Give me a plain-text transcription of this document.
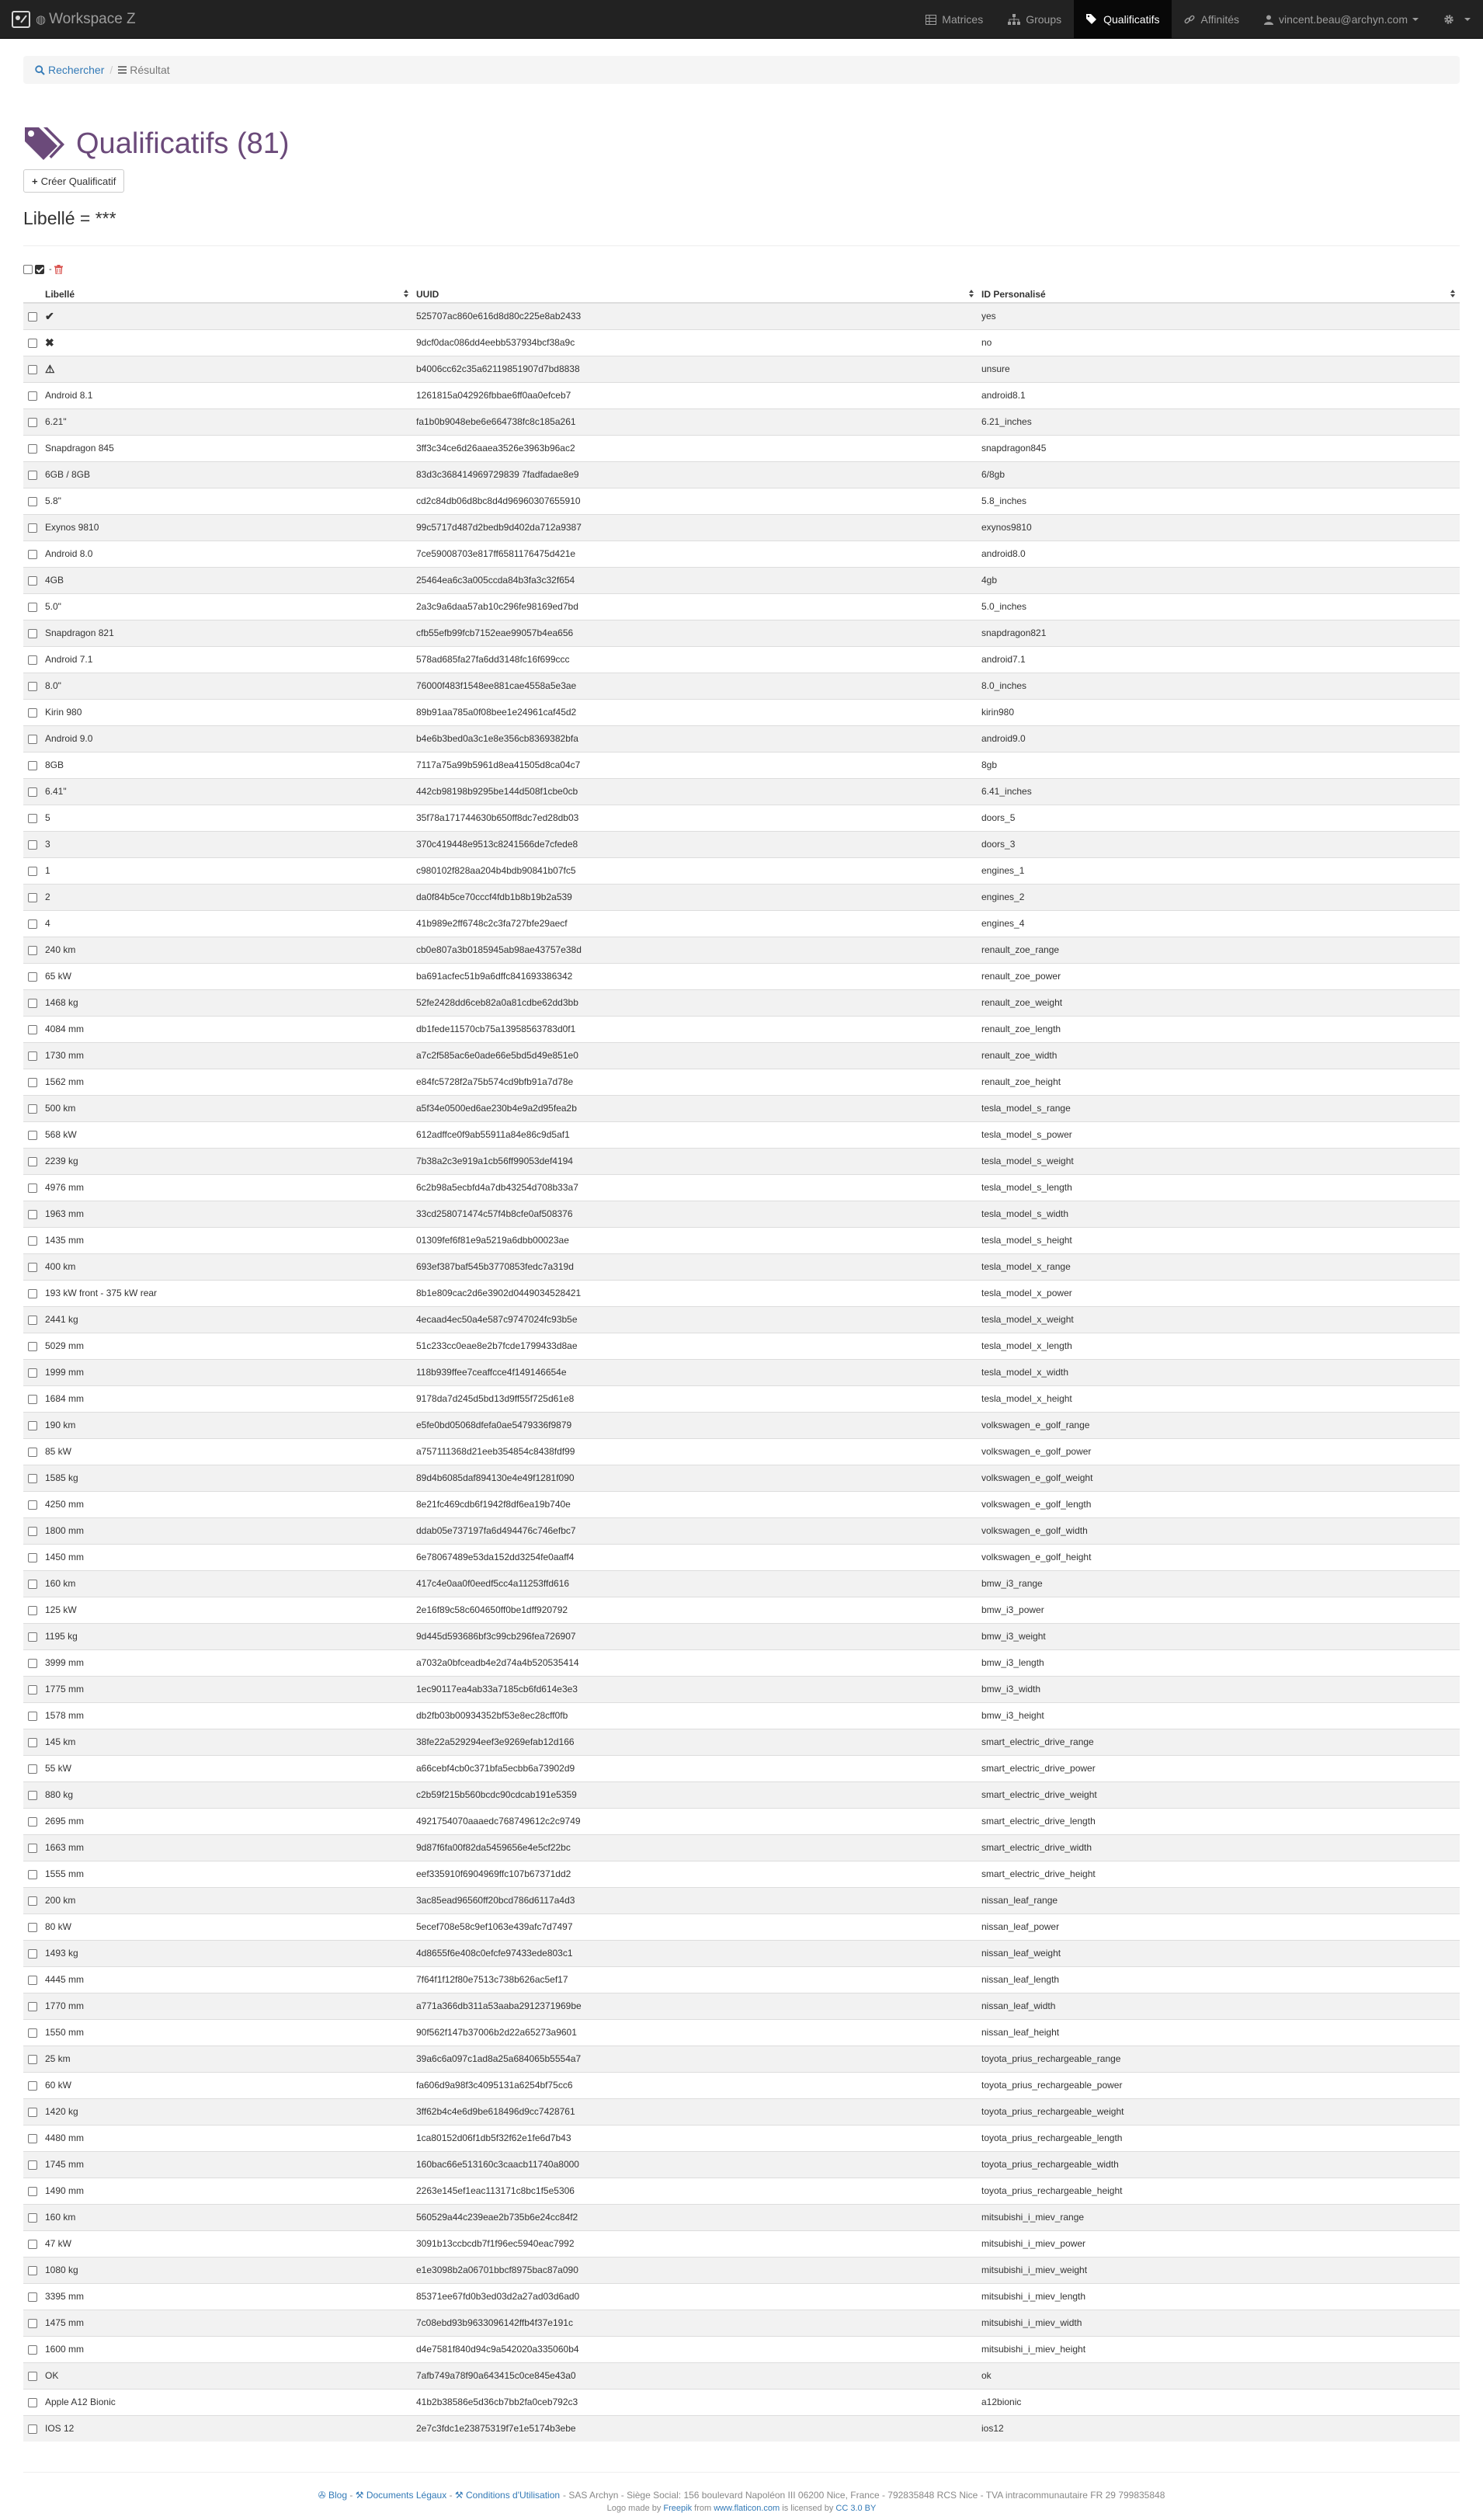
◍ Workspace Z	Matrices	Groups	Qualificatifs	Affinités	vincent.beau@archyn.com
Rechercher / Résultat
Qualificatifs (81)
+ Créer Qualificatif
Libellé = ***
-
	Libellé	UUID	ID Personalisé

	✔	525707ac860e616d8d80c225e8ab2433	yes
	✖	9dcf0dac086dd4eebb537934bcf38a9c	no
	⚠	b4006cc62c35a62119851907d7bd8838	unsure
	Android 8.1	1261815a042926fbbae6ff0aa0efceb7	android8.1
	6.21"	fa1b0b9048ebe6e664738fc8c185a261	6.21_inches
	Snapdragon 845	3ff3c34ce6d26aaea3526e3963b96ac2	snapdragon845
	6GB / 8GB	83d3c368414969729839 7fadfadae8e9	6/8gb
	5.8"	cd2c84db06d8bc8d4d96960307655910	5.8_inches
	Exynos 9810	99c5717d487d2bedb9d402da712a9387	exynos9810
	Android 8.0	7ce59008703e817ff6581176475d421e	android8.0
	4GB	25464ea6c3a005ccda84b3fa3c32f654	4gb
	5.0"	2a3c9a6daa57ab10c296fe98169ed7bd	5.0_inches
	Snapdragon 821	cfb55efb99fcb7152eae99057b4ea656	snapdragon821
	Android 7.1	578ad685fa27fa6dd3148fc16f699ccc	android7.1
	8.0"	76000f483f1548ee881cae4558a5e3ae	8.0_inches
	Kirin 980	89b91aa785a0f08bee1e24961caf45d2	kirin980
	Android 9.0	b4e6b3bed0a3c1e8e356cb8369382bfa	android9.0
	8GB	7117a75a99b5961d8ea41505d8ca04c7	8gb
	6.41"	442cb98198b9295be144d508f1cbe0cb	6.41_inches
	5	35f78a171744630b650ff8dc7ed28db03	doors_5
	3	370c419448e9513c8241566de7cfede8	doors_3
	1	c980102f828aa204b4bdb90841b07fc5	engines_1
	2	da0f84b5ce70cccf4fdb1b8b19b2a539	engines_2
	4	41b989e2ff6748c2c3fa727bfe29aecf	engines_4
	240 km	cb0e807a3b0185945ab98ae43757e38d	renault_zoe_range
	65 kW	ba691acfec51b9a6dffc841693386342	renault_zoe_power
	1468 kg	52fe2428dd6ceb82a0a81cdbe62dd3bb	renault_zoe_weight
	4084 mm	db1fede11570cb75a13958563783d0f1	renault_zoe_length
	1730 mm	a7c2f585ac6e0ade66e5bd5d49e851e0	renault_zoe_width
	1562 mm	e84fc5728f2a75b574cd9bfb91a7d78e	renault_zoe_height
	500 km	a5f34e0500ed6ae230b4e9a2d95fea2b	tesla_model_s_range
	568 kW	612adffce0f9ab55911a84e86c9d5af1	tesla_model_s_power
	2239 kg	7b38a2c3e919a1cb56ff99053def4194	tesla_model_s_weight
	4976 mm	6c2b98a5ecbfd4a7db43254d708b33a7	tesla_model_s_length
	1963 mm	33cd258071474c57f4b8cfe0af508376	tesla_model_s_width
	1435 mm	01309fef6f81e9a5219a6dbb00023ae	tesla_model_s_height
	400 km	693ef387baf545b3770853fedc7a319d	tesla_model_x_range
	193 kW front - 375 kW rear	8b1e809cac2d6e3902d0449034528421	tesla_model_x_power
	2441 kg	4ecaad4ec50a4e587c9747024fc93b5e	tesla_model_x_weight
	5029 mm	51c233cc0eae8e2b7fcde1799433d8ae	tesla_model_x_length
	1999 mm	118b939ffee7ceaffcce4f149146654e	tesla_model_x_width
	1684 mm	9178da7d245d5bd13d9ff55f725d61e8	tesla_model_x_height
	190 km	e5fe0bd05068dfefa0ae5479336f9879	volkswagen_e_golf_range
	85 kW	a757111368d21eeb354854c8438fdf99	volkswagen_e_golf_power
	1585 kg	89d4b6085daf894130e4e49f1281f090	volkswagen_e_golf_weight
	4250 mm	8e21fc469cdb6f1942f8df6ea19b740e	volkswagen_e_golf_length
	1800 mm	ddab05e737197fa6d494476c746efbc7	volkswagen_e_golf_width
	1450 mm	6e78067489e53da152dd3254fe0aaff4	volkswagen_e_golf_height
	160 km	417c4e0aa0f0eedf5cc4a11253ffd616	bmw_i3_range
	125 kW	2e16f89c58c604650ff0be1dff920792	bmw_i3_power
	1195 kg	9d445d593686bf3c99cb296fea726907	bmw_i3_weight
	3999 mm	a7032a0bfceadb4e2d74a4b520535414	bmw_i3_length
	1775 mm	1ec90117ea4ab33a7185cb6fd614e3e3	bmw_i3_width
	1578 mm	db2fb03b00934352bf53e8ec28cff0fb	bmw_i3_height
	145 km	38fe22a529294eef3e9269efab12d166	smart_electric_drive_range
	55 kW	a66cebf4cb0c371bfa5ecbb6a73902d9	smart_electric_drive_power
	880 kg	c2b59f215b560bcdc90cdcab191e5359	smart_electric_drive_weight
	2695 mm	4921754070aaaedc768749612c2c9749	smart_electric_drive_length
	1663 mm	9d87f6fa00f82da5459656e4e5cf22bc	smart_electric_drive_width
	1555 mm	eef335910f6904969ffc107b67371dd2	smart_electric_drive_height
	200 km	3ac85ead96560ff20bcd786d6117a4d3	nissan_leaf_range
	80 kW	5ecef708e58c9ef1063e439afc7d7497	nissan_leaf_power
	1493 kg	4d8655f6e408c0efcfe97433ede803c1	nissan_leaf_weight
	4445 mm	7f64f1f12f80e7513c738b626ac5ef17	nissan_leaf_length
	1770 mm	a771a366db311a53aaba2912371969be	nissan_leaf_width
	1550 mm	90f562f147b37006b2d22a65273a9601	nissan_leaf_height
	25 km	39a6c6a097c1ad8a25a684065b5554a7	toyota_prius_rechargeable_range
	60 kW	fa606d9a98f3c4095131a6254bf75cc6	toyota_prius_rechargeable_power
	1420 kg	3ff62b4c4e6d9be618496d9cc7428761	toyota_prius_rechargeable_weight
	4480 mm	1ca80152d06f1db5f32f62e1fe6d7b43	toyota_prius_rechargeable_length
	1745 mm	160bac66e513160c3caacb11740a8000	toyota_prius_rechargeable_width
	1490 mm	2263e145ef1eac113171c8bc1f5e5306	toyota_prius_rechargeable_height
	160 km	560529a44c239eae2b735b6e24cc84f2	mitsubishi_i_miev_range
	47 kW	3091b13ccbcdb7f1f96ec5940eac7992	mitsubishi_i_miev_power
	1080 kg	e1e3098b2a06701bbcf8975bac87a090	mitsubishi_i_miev_weight
	3395 mm	85371ee67fd0b3ed03d2a27ad03d6ad0	mitsubishi_i_miev_length
	1475 mm	7c08ebd93b9633096142ffb4f37e191c	mitsubishi_i_miev_width
	1600 mm	d4e7581f840d94c9a542020a335060b4	mitsubishi_i_miev_height
	OK	7afb749a78f90a643415c0ce845e43a0	ok
	Apple A12 Bionic	41b2b38586e5d36cb7bb2fa0ceb792c3	a12bionic
	IOS 12	2e7c3fdc1e23875319f7e1e5174b3ebe	ios12
✇ Blog - ⚒ Documents Légaux - ⚒ Conditions d'Utilisation - SAS Archyn - Siège Social: 156 boulevard Napoléon III 06200 Nice, France - 792835848 RCS Nice - TVA intracommunautaire FR 29 799835848
Logo made by Freepik from www.flaticon.com is licensed by CC 3.0 BY
